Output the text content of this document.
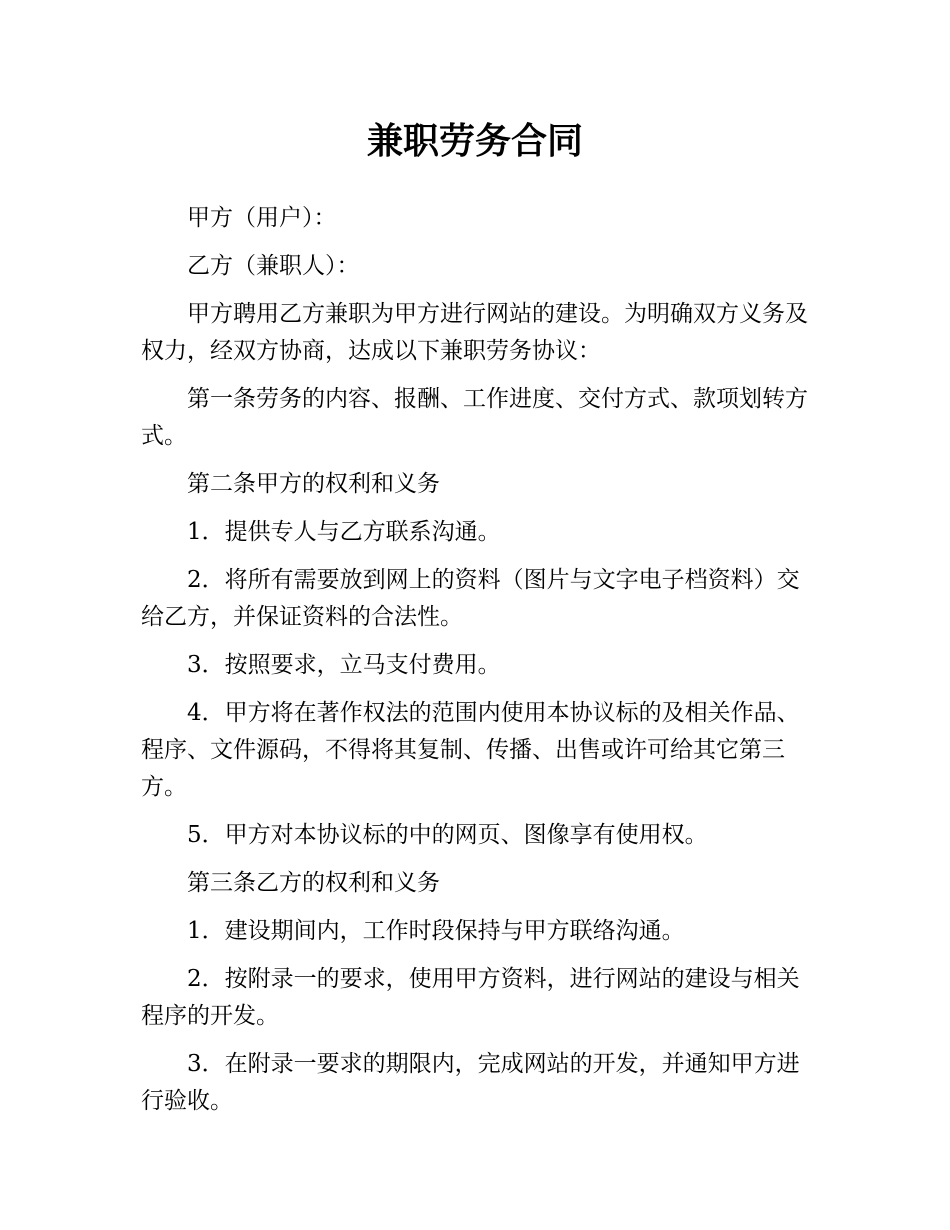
兼职劳务合同

甲方（用户）：

乙方（兼职人）：

甲方聘用乙方兼职为甲方进行网站的建设。为明确双方义务及权力，经双方协商，达成以下兼职劳务协议：

第一条劳务的内容、报酬、工作进度、交付方式、款项划转方式。

第二条甲方的权利和义务

1．提供专人与乙方联系沟通。

2．将所有需要放到网上的资料（图片与文字电子档资料）交给乙方，并保证资料的合法性。

3．按照要求，立马支付费用。

4．甲方将在著作权法的范围内使用本协议标的及相关作品、程序、文件源码，不得将其复制、传播、出售或许可给其它第三方。

5．甲方对本协议标的中的网页、图像享有使用权。

第三条乙方的权利和义务

1．建设期间内，工作时段保持与甲方联络沟通。

2．按附录一的要求，使用甲方资料，进行网站的建设与相关程序的开发。

3．在附录一要求的期限内，完成网站的开发，并通知甲方进行验收。
